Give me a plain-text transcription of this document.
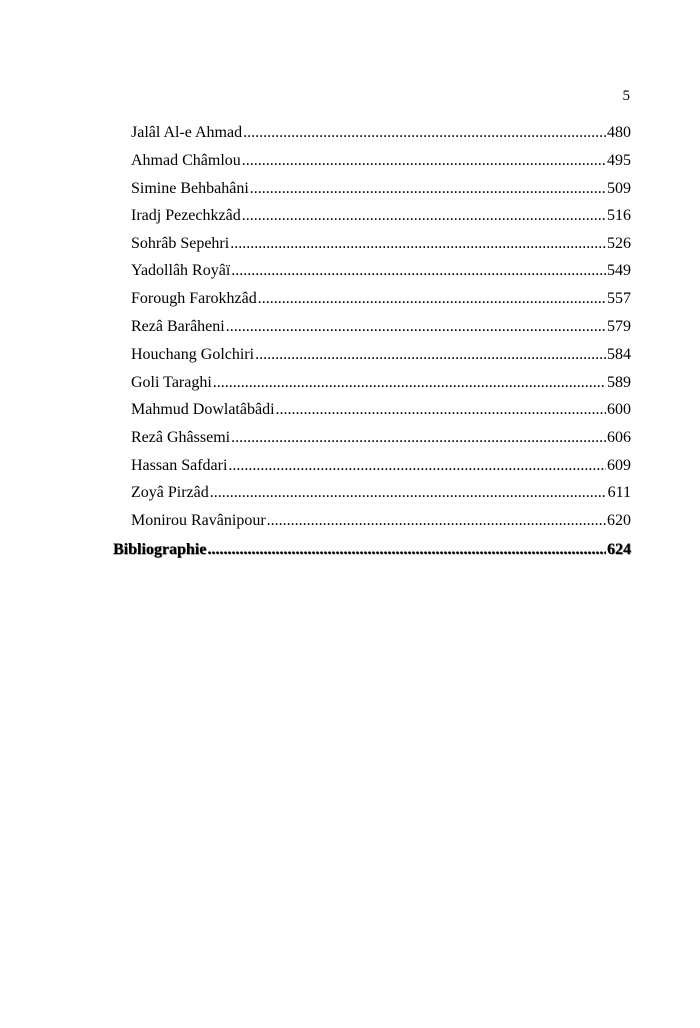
5
Jalâl Al-e Ahmad .....	480
Ahmad Châmlou .....	495
Simine Behbahâni .....	509
Iradj Pezechkzâd .....	516
Sohrâb Sepehri .....	526
Yadollâh Royâï .....	549
Forough Farokhzâd .....	557
Rezâ Barâheni .....	579
Houchang Golchiri .....	584
Goli Taraghi .....	589
Mahmud Dowlatâbâdi .....	600
Rezâ Ghâssemi .....	606
Hassan Safdari .....	609
Zoyâ Pirzâd .....	611
Monirou Ravânipour .....	620
Bibliographie .....	624
